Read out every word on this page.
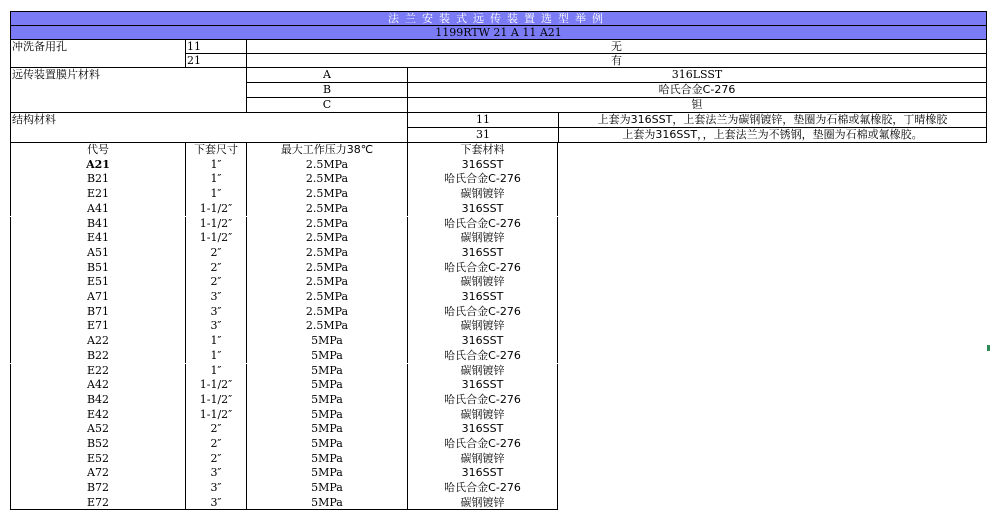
法兰安装式远传装置选型举例
1199RTW 21 A 11 A21
冲洗备用孔	11	无
21	有
远传装置膜片材料	A	316LSST
B	哈氏合金C-276
C	钽
结构材料	11	上套为316SST，上套法兰为碳钢镀锌，垫圈为石棉或氟橡胶，丁晴橡胶
31	上套为316SST，，上套法兰为不锈钢，垫圈为石棉或氟橡胶。
代号	下套尺寸	最大工作压力38℃	下套材料
A21	1″	2.5MPa	316SST
B21	1″	2.5MPa	哈氏合金C-276
E21	1″	2.5MPa	碳钢镀锌
A41	1-1/2″	2.5MPa	316SST
B41	1-1/2″	2.5MPa	哈氏合金C-276
E41	1-1/2″	2.5MPa	碳钢镀锌
A51	2″	2.5MPa	316SST
B51	2″	2.5MPa	哈氏合金C-276
E51	2″	2.5MPa	碳钢镀锌
A71	3″	2.5MPa	316SST
B71	3″	2.5MPa	哈氏合金C-276
E71	3″	2.5MPa	碳钢镀锌
A22	1″	5MPa	316SST
B22	1″	5MPa	哈氏合金C-276
E22	1″	5MPa	碳钢镀锌
A42	1-1/2″	5MPa	316SST
B42	1-1/2″	5MPa	哈氏合金C-276
E42	1-1/2″	5MPa	碳钢镀锌
A52	2″	5MPa	316SST
B52	2″	5MPa	哈氏合金C-276
E52	2″	5MPa	碳钢镀锌
A72	3″	5MPa	316SST
B72	3″	5MPa	哈氏合金C-276
E72	3″	5MPa	碳钢镀锌
